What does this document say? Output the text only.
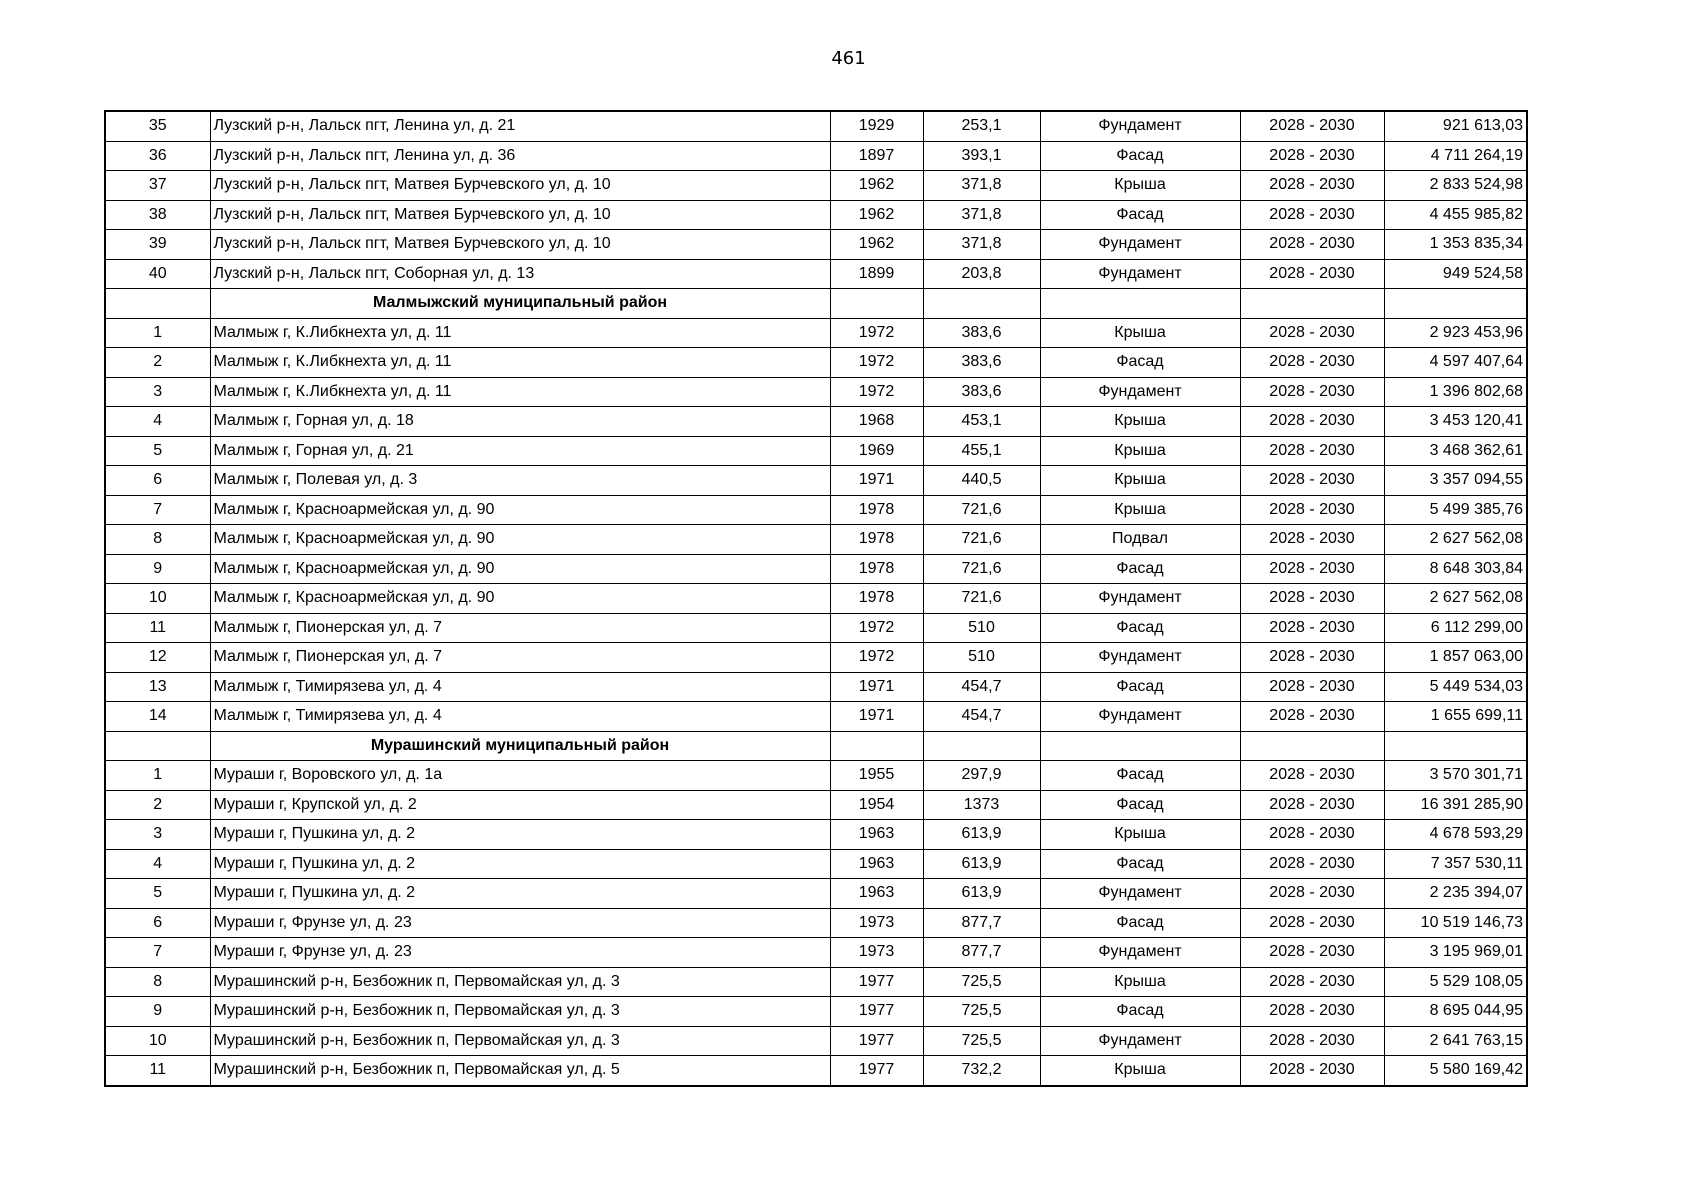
461
35	Лузский р-н, Лальск пгт, Ленина ул, д. 21	1929	253,1	Фундамент	2028 - 2030	921 613,03
36	Лузский р-н, Лальск пгт, Ленина ул, д. 36	1897	393,1	Фасад	2028 - 2030	4 711 264,19
37	Лузский р-н, Лальск пгт, Матвея Бурчевского ул, д. 10	1962	371,8	Крыша	2028 - 2030	2 833 524,98
38	Лузский р-н, Лальск пгт, Матвея Бурчевского ул, д. 10	1962	371,8	Фасад	2028 - 2030	4 455 985,82
39	Лузский р-н, Лальск пгт, Матвея Бурчевского ул, д. 10	1962	371,8	Фундамент	2028 - 2030	1 353 835,34
40	Лузский р-н, Лальск пгт, Соборная ул, д. 13	1899	203,8	Фундамент	2028 - 2030	949 524,58
	Малмыжский муниципальный район					
1	Малмыж г, К.Либкнехта ул, д. 11	1972	383,6	Крыша	2028 - 2030	2 923 453,96
2	Малмыж г, К.Либкнехта ул, д. 11	1972	383,6	Фасад	2028 - 2030	4 597 407,64
3	Малмыж г, К.Либкнехта ул, д. 11	1972	383,6	Фундамент	2028 - 2030	1 396 802,68
4	Малмыж г, Горная ул, д. 18	1968	453,1	Крыша	2028 - 2030	3 453 120,41
5	Малмыж г, Горная ул, д. 21	1969	455,1	Крыша	2028 - 2030	3 468 362,61
6	Малмыж г, Полевая ул, д. 3	1971	440,5	Крыша	2028 - 2030	3 357 094,55
7	Малмыж г, Красноармейская ул, д. 90	1978	721,6	Крыша	2028 - 2030	5 499 385,76
8	Малмыж г, Красноармейская ул, д. 90	1978	721,6	Подвал	2028 - 2030	2 627 562,08
9	Малмыж г, Красноармейская ул, д. 90	1978	721,6	Фасад	2028 - 2030	8 648 303,84
10	Малмыж г, Красноармейская ул, д. 90	1978	721,6	Фундамент	2028 - 2030	2 627 562,08
11	Малмыж г, Пионерская ул, д. 7	1972	510	Фасад	2028 - 2030	6 112 299,00
12	Малмыж г, Пионерская ул, д. 7	1972	510	Фундамент	2028 - 2030	1 857 063,00
13	Малмыж г, Тимирязева ул, д. 4	1971	454,7	Фасад	2028 - 2030	5 449 534,03
14	Малмыж г, Тимирязева ул, д. 4	1971	454,7	Фундамент	2028 - 2030	1 655 699,11
	Мурашинский муниципальный район					
1	Мураши г, Воровского ул, д. 1а	1955	297,9	Фасад	2028 - 2030	3 570 301,71
2	Мураши г, Крупской ул, д. 2	1954	1373	Фасад	2028 - 2030	16 391 285,90
3	Мураши г, Пушкина ул, д. 2	1963	613,9	Крыша	2028 - 2030	4 678 593,29
4	Мураши г, Пушкина ул, д. 2	1963	613,9	Фасад	2028 - 2030	7 357 530,11
5	Мураши г, Пушкина ул, д. 2	1963	613,9	Фундамент	2028 - 2030	2 235 394,07
6	Мураши г, Фрунзе ул, д. 23	1973	877,7	Фасад	2028 - 2030	10 519 146,73
7	Мураши г, Фрунзе ул, д. 23	1973	877,7	Фундамент	2028 - 2030	3 195 969,01
8	Мурашинский р-н, Безбожник п, Первомайская ул, д. 3	1977	725,5	Крыша	2028 - 2030	5 529 108,05
9	Мурашинский р-н, Безбожник п, Первомайская ул, д. 3	1977	725,5	Фасад	2028 - 2030	8 695 044,95
10	Мурашинский р-н, Безбожник п, Первомайская ул, д. 3	1977	725,5	Фундамент	2028 - 2030	2 641 763,15
11	Мурашинский р-н, Безбожник п, Первомайская ул, д. 5	1977	732,2	Крыша	2028 - 2030	5 580 169,42
